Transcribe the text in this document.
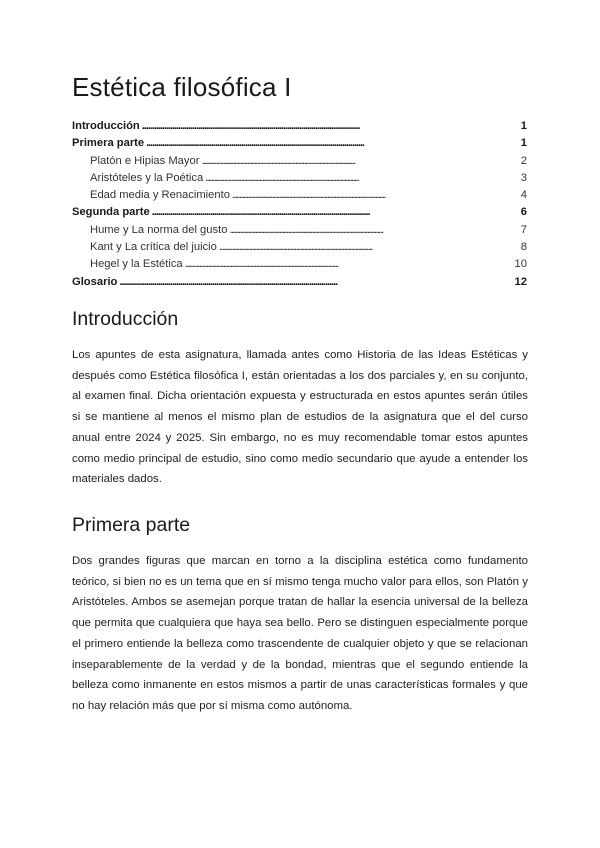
Estética filosófica I
Introducción . . .	1
Primera parte . . .	1
Platón e Hipias Mayor . . .	2
Aristóteles y la Poética . . .	3
Edad media y Renacimiento . . .	4
Segunda parte . . .	6
Hume y La norma del gusto . . .	7
Kant y La crítica del juicio . . .	8
Hegel y la Estética . . .	10
Glosario . . .	12
Introducción

Los apuntes de esta asignatura, llamada antes como Historia de las Ideas Estéticas y después como Estética filosófica I, están orientadas a los dos parciales y, en su conjunto, al examen final. Dicha orientación expuesta y estructurada en estos apuntes serán útiles si se mantiene al menos el mismo plan de estudios de la asignatura que el del curso anual entre 2024 y 2025. Sin embargo, no es muy recomendable tomar estos apuntes como medio principal de estudio, sino como medio secundario que ayude a entender los materiales dados.

Primera parte

Dos grandes figuras que marcan en torno a la disciplina estética como fundamento teórico, si bien no es un tema que en sí mismo tenga mucho valor para ellos, son Platón y Aristóteles. Ambos se asemejan porque tratan de hallar la esencia universal de la belleza que permita que cualquiera que haya sea bello. Pero se distinguen especialmente porque el primero entiende la belleza como trascendente de cualquier objeto y que se relacionan inseparablemente de la verdad y de la bondad, mientras que el segundo entiende la belleza como inmanente en estos mismos a partir de unas características formales y que no hay relación más que por sí misma como autónoma.
